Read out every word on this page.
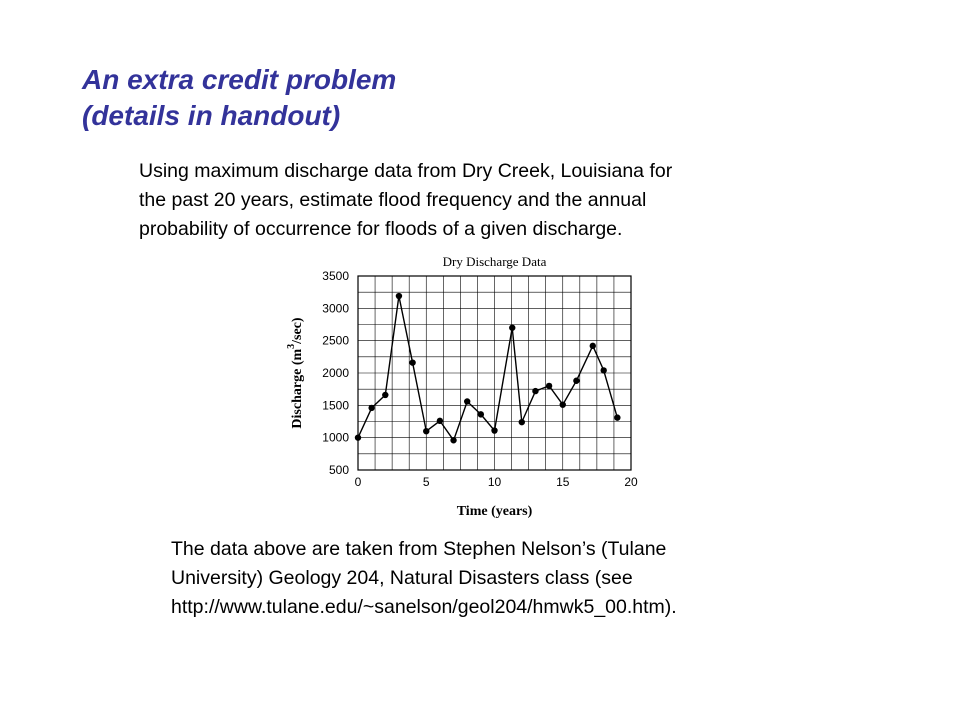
An extra credit problem
(details in handout)

Using maximum discharge data from Dry Creek, Louisiana for
the past 20 years, estimate flood frequency and the annual
probability of occurrence for floods of a given discharge.

500
1000
1500
2000
2500
3000
3500
0	5	10	15	20
Dry Discharge Data
Time (years)
Discharge $(m^3/\sec)$

The data above are taken from Stephen Nelson’s (Tulane
University) Geology 204, Natural Disasters class (see
http://www.tulane.edu/~sanelson/geol204/hmwk5_00.htm).
